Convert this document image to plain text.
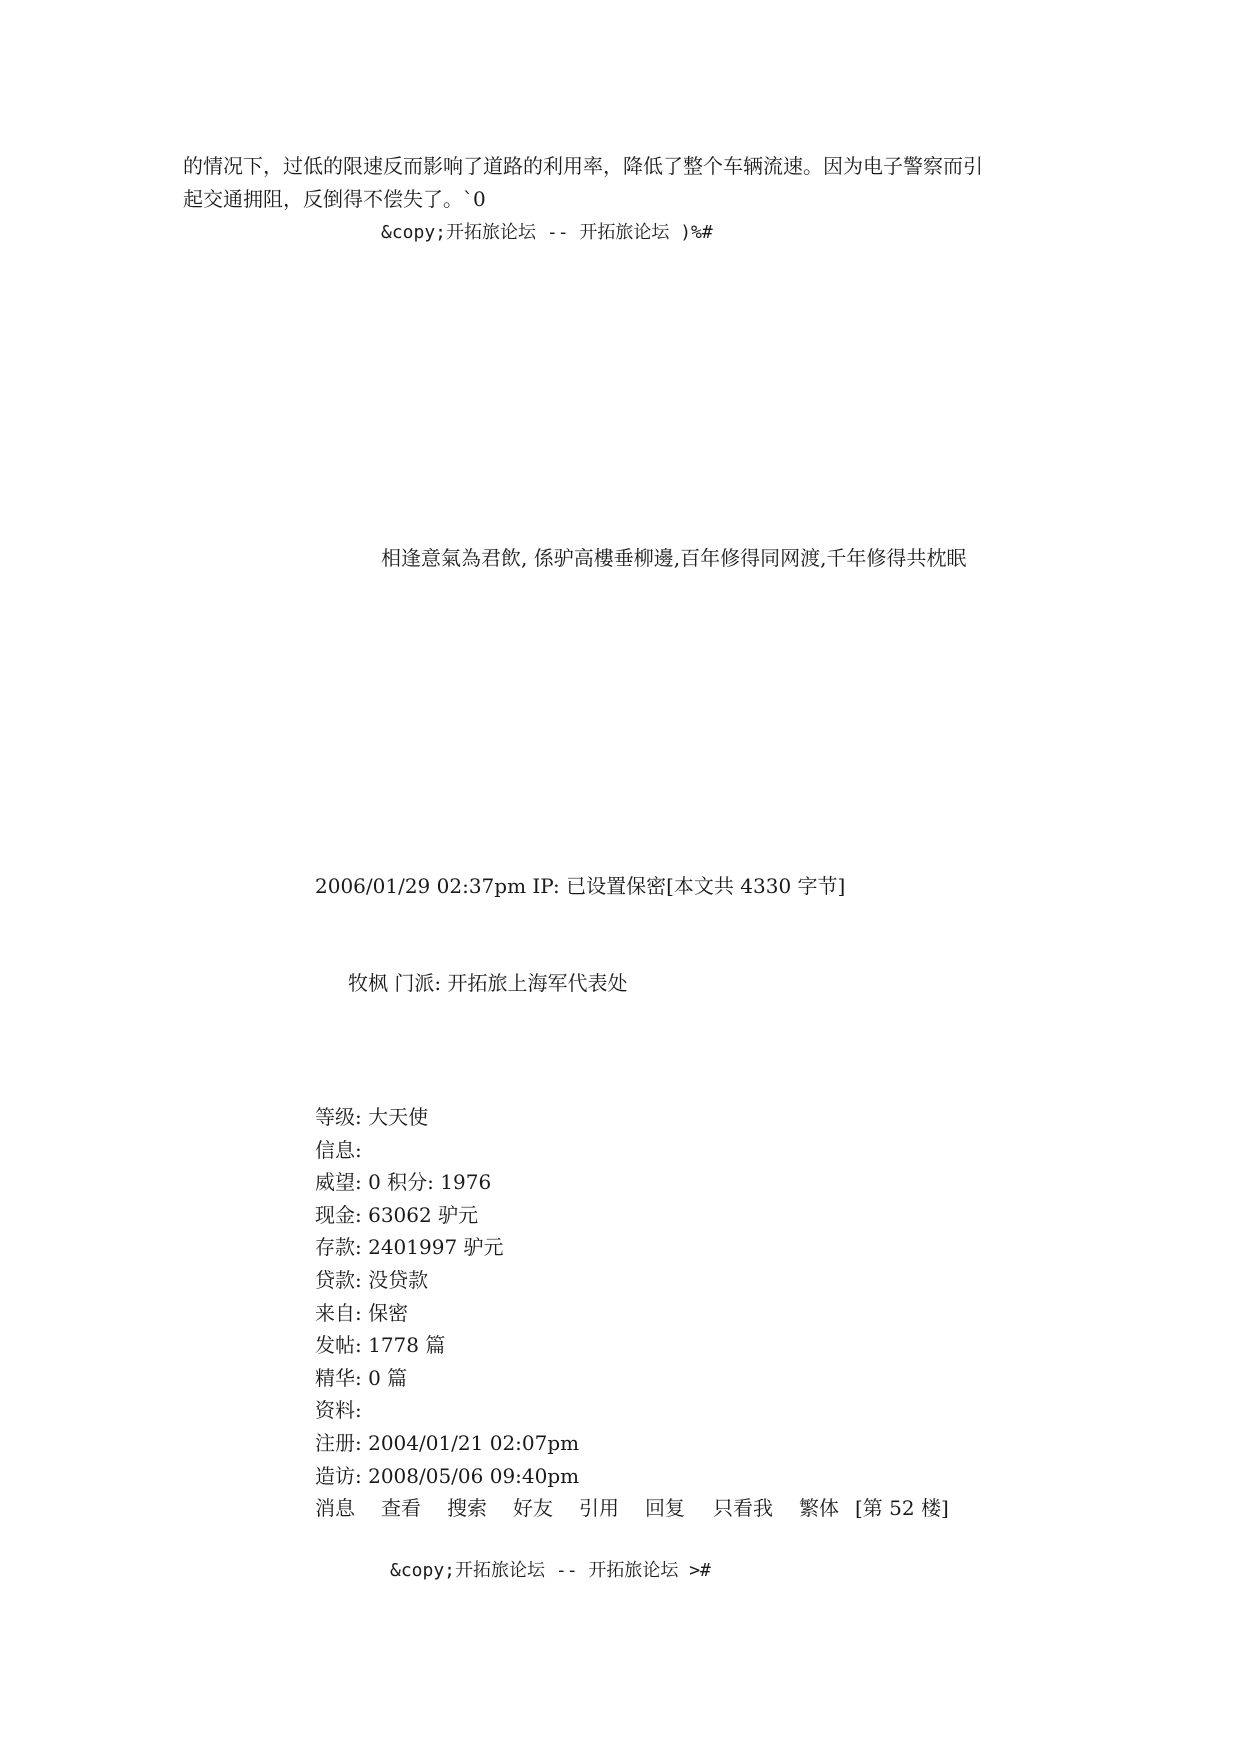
的情况下，过低的限速反而影响了道路的利用率，降低了整个车辆流速。因为电子警察而引
起交通拥阻，反倒得不偿失了。`0
&copy;开拓旅论坛 -- 开拓旅论坛 )%#
相逢意氣為君飲, 係驴高樓垂柳邊,百年修得同网渡,千年修得共枕眠
2006/01/29 02:37pm IP: 已设置保密[本文共 4330 字节]
牧枫 门派: 开拓旅上海军代表处
等级: 大天使
信息:
威望: 0 积分: 1976
现金: 63062 驴元
存款: 2401997 驴元
贷款: 没贷款
来自: 保密
发帖: 1778 篇
精华: 0 篇
资料:
注册: 2004/01/21 02:07pm
造访: 2008/05/06 09:40pm
消息 查看 搜索 好友 引用 回复 只看我 繁体 [第 52 楼]
&copy;开拓旅论坛 -- 开拓旅论坛 >#
